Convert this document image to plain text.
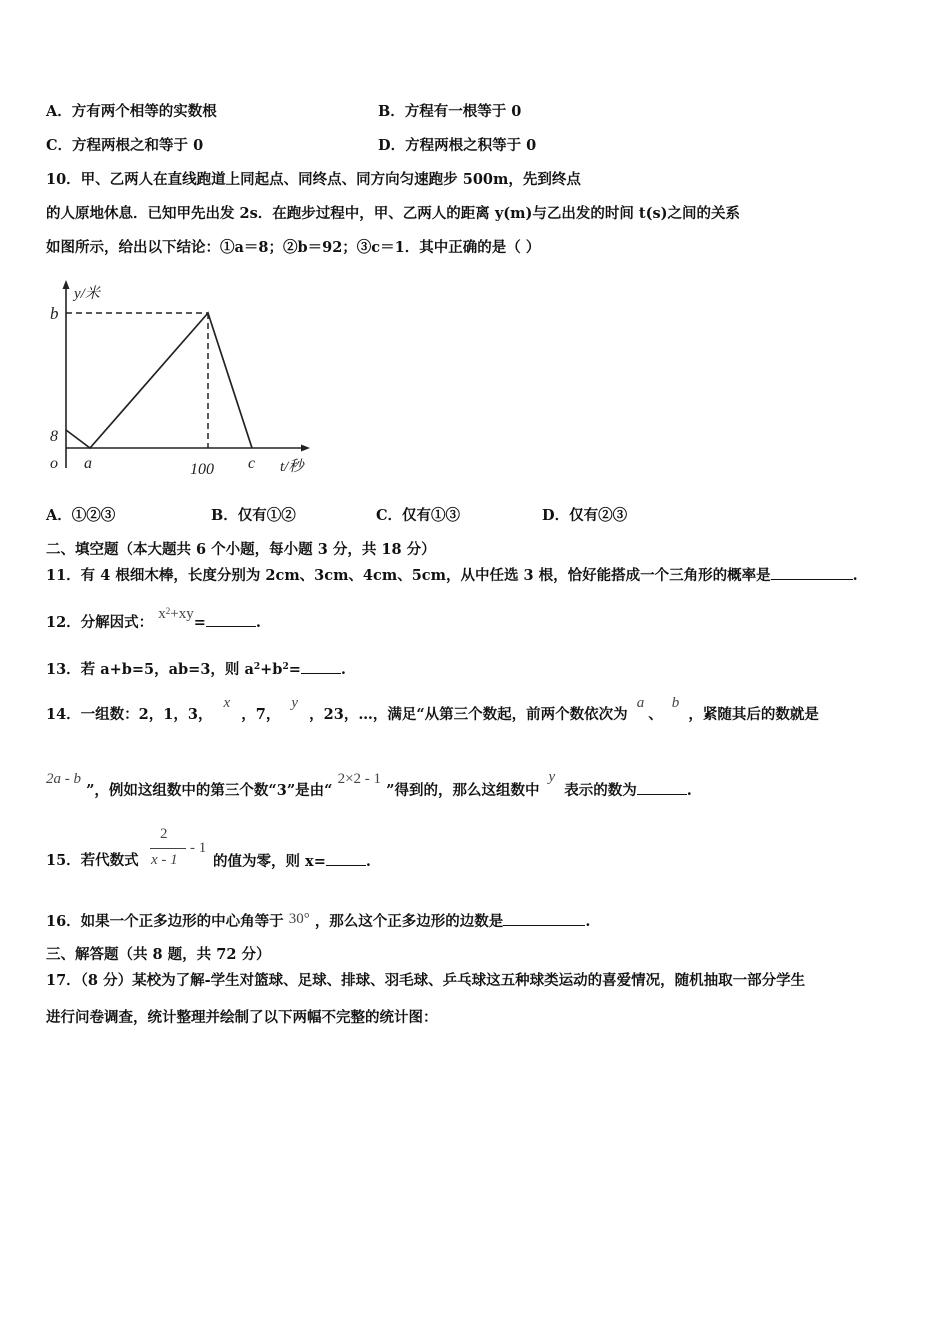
A．方有两个相等的实数根	B．方程有一根等于 0
C．方程两根之和等于 0	D．方程两根之积等于 0
10．甲、乙两人在直线跑道上同起点、同终点、同方向匀速跑步 500m，先到终点
的人原地休息．已知甲先出发 2s．在跑步过程中，甲、乙两人的距离 y(m)与乙出发的时间 t(s)之间的关系
如图所示，给出以下结论：①a＝8；②b＝92；③c＝1．其中正确的是（ ）
y/米
b
8
o a	100 c t/秒
A．①②③	B．仅有①②	C．仅有①③	D．仅有②③
二、填空题（本大题共 6 个小题，每小题 3 分，共 18 分）
11．有 4 根细木棒，长度分别为 2cm、3cm、4cm、5cm，从中任选 3 根，恰好能搭成一个三角形的概率是	.
12．分解因式： $x^2+xy=$	.
13．若 a+b=5，ab=3，则 $a^2+b^2=$	.
14．一组数：2，1，3， x ，7， y ，23，…，满足“从第三个数起，前两个数依次为 a、 b ，紧随其后的数就是
2a - b ”，例如这组数中的第三个数“3”是由“ 2×2 - 1 ”得到的，那么这组数中 y 表示的数为	.
15．若代数式
2
x - 1
- 1
的值为零，则 x=	.
16．如果一个正多边形的中心角等于 30° ，那么这个正多边形的边数是	.
三、解答题（共 8 题，共 72 分）
17．（8 分）某校为了解-学生对篮球、足球、排球、羽毛球、乒乓球这五种球类运动的喜爱情况，随机抽取一部分学生
进行问卷调查，统计整理并绘制了以下两幅不完整的统计图：
